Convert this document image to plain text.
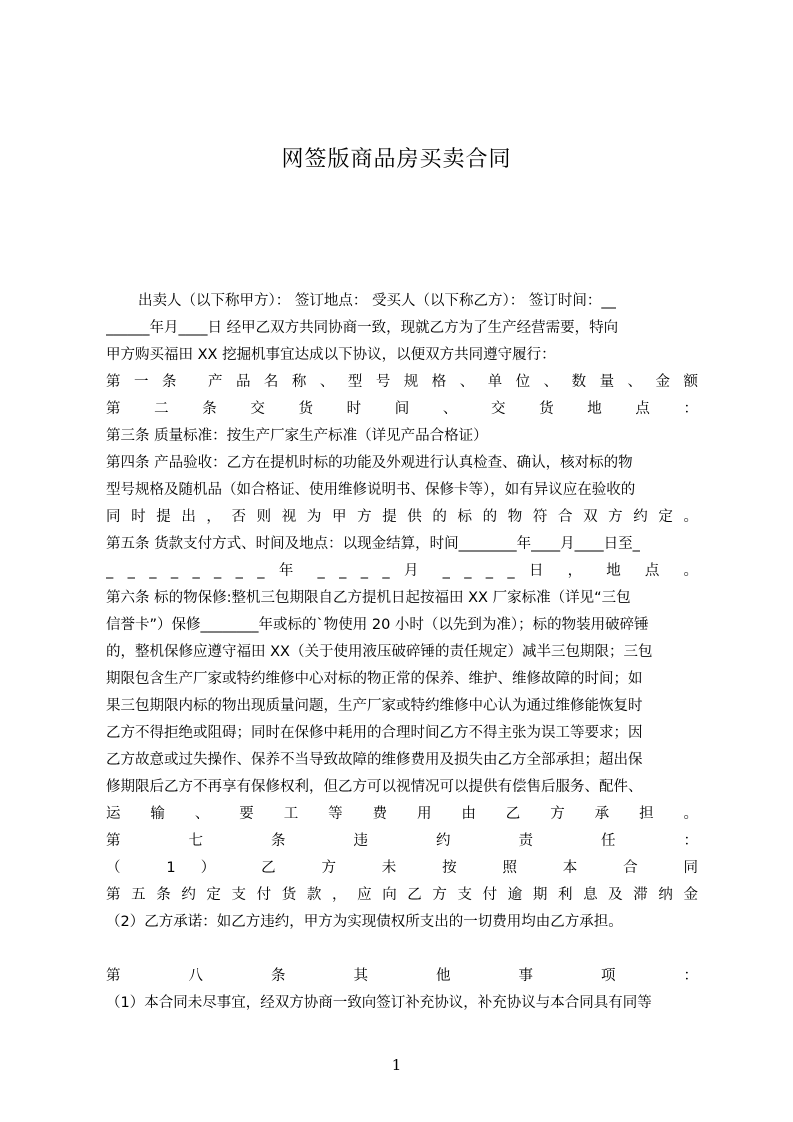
网签版商品房买卖合同
出卖人（以下称甲方）： 签订地点： 受买人（以下称乙方）： 签订时间：__
______年月____日 经甲乙双方共同协商一致，现就乙方为了生产经营需要，特向
甲方购买福田 XX 挖掘机事宜达成以下协议，以便双方共同遵守履行：
第一条 产品名称、型号规格、单位、数量、金额
第 二 条 交 货 时 间 、 交 货 地 点 ：
第三条 质量标准：按生产厂家生产标准（详见产品合格证）
第四条 产品验收：乙方在提机时标的功能及外观进行认真检查、确认，核对标的物
型号规格及随机品（如合格证、使用维修说明书、保修卡等），如有异议应在验收的
同时提出，否则视为甲方提供的标的物符合双方约定。
第五条 货款支付方式、时间及地点：以现金结算，时间________年____月____日至_
_ _ _ _ _ _ _ _ 年 _ _ _ _ 月 _ _ _ _ 日 ， 地 点 。
第六条 标的物保修:整机三包期限自乙方提机日起按福田 XX 厂家标准（详见“三包
信誉卡”）保修________年或标的`物使用 20 小时（以先到为准）；标的物装用破碎锤
的，整机保修应遵守福田 XX（关于使用液压破碎锤的责任规定）减半三包期限；三包
期限包含生产厂家或特约维修中心对标的物正常的保养、维护、维修故障的时间；如
果三包期限内标的物出现质量问题，生产厂家或特约维修中心认为通过维修能恢复时
乙方不得拒绝或阻碍；同时在保修中耗用的合理时间乙方不得主张为误工等要求；因
乙方故意或过失操作、保养不当导致故障的维修费用及损失由乙方全部承担；超出保
修期限后乙方不再享有保修权利，但乙方可以视情况可以提供有偿售后服务、配件、
运 输 、 要 工 等 费 用 由 乙 方 承 担 。
第 七 条 违 约 责 任 ：
（ 1 ） 乙 方 未 按 照 本 合 同
第五条约定支付货款，应向乙方支付逾期利息及滞纳金
（2）乙方承诺：如乙方违约，甲方为实现债权所支出的一切费用均由乙方承担。
第 八 条 其 他 事 项 ：
（1）本合同未尽事宜，经双方协商一致向签订补充协议，补充协议与本合同具有同等
1
